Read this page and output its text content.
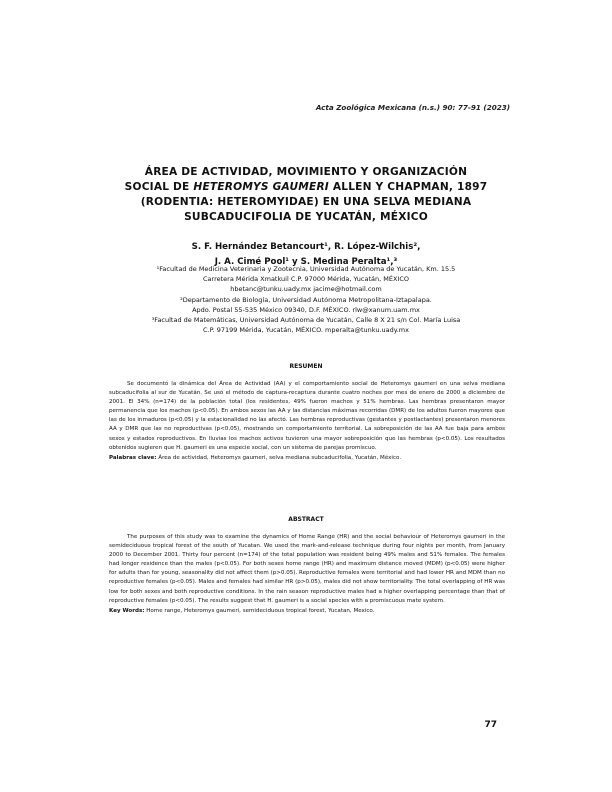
Acta Zoológica Mexicana (n.s.) 90: 77-91 (2023)
ÁREA DE ACTIVIDAD, MOVIMIENTO Y ORGANIZACIÓN
SOCIAL DE HETEROMYS GAUMERI ALLEN Y CHAPMAN, 1897
(RODENTIA: HETEROMYIDAE) EN UNA SELVA MEDIANA
SUBCADUCIFOLIA DE YUCATÁN, MÉXICO
S. F. Hernández Betancourt¹, R. López-Wilchis²,
J. A. Cimé Pool¹ y S. Medina Peralta¹,³
¹Facultad de Medicina Veterinaria y Zootecnia, Universidad Autónoma de Yucatán, Km. 15.5
Carretera Mérida Xmatkuil C.P. 97000 Mérida, Yucatán, MÉXICO
hbetanc@tunku.uady.mx jacime@hotmail.com
²Departamento de Biología, Universidad Autónoma Metropolitana-Iztapalapa.
Apdo. Postal 55-535 México 09340, D.F. MÉXICO. rlw@xanum.uam.mx
³Facultad de Matemáticas, Universidad Autónoma de Yucatán, Calle 8 X 21 s/n Col. María Luisa
C.P. 97199 Mérida, Yucatán, MÉXICO. mperalta@tunku.uady.mx
RESUMEN

Se documentó la dinámica del Área de Actividad (AA) y el comportamiento social de Heteromys gaumeri en una selva mediana subcaducifolia al sur de Yucatán. Se usó el método de captura-recaptura durante cuatro noches por mes de enero de 2000 a diciembre de 2001. El 34% (n=174) de la población total (los residentes, 49% fueron machos y 51% hembras. Las hembras presentaron mayor permanencia que los machos (p<0.05). En ambos sexos las AA y las distancias máximas recorridas (DMR) de los adultos fueron mayores que las de los inmaduros (p<0.05) y la estacionalidad no las afectó. Las hembras reproductivas (gestantes y postlactantes) presentaron menores AA y DMR que las no reproductivas (p<0.05), mostrando un comportamiento territorial. La sobreposición de las AA fue baja para ambos sexos y estados reproductivos. En lluvias los machos activos tuvieron una mayor sobreposición que las hembras (p<0.05). Los resultados obtenidos sugieren que H. gaumeri es una especie social, con un sistema de parejas promiscuo.

Palabras clave: Área de actividad, Heteromys gaumeri, selva mediana subcaducifolia, Yucatán, México.

ABSTRACT

The purposes of this study was to examine the dynamics of Home Range (HR) and the social behaviour of Heteromys gaumeri in the semideciduous tropical forest of the south of Yucatan. We used the mark-and-release technique during four nights per month, from January 2000 to December 2001. Thirty four percent (n=174) of the total population was resident being 49% males and 51% females. The females had longer residence than the males (p<0.05). For both sexes home range (HR) and maximum distance moved (MDM) (p<0.05) were higher for adults than for young, seasonality did not affect them (p>0.05). Reproductive females were territorial and had lower HR and MDM than no reproductive females (p<0.05). Males and females had similar HR (p>0.05), males did not show territoriality. The total overlapping of HR was low for both sexes and both reproductive conditions. In the rain season reproductive males had a higher overlapping percentage than that of reproductive females (p<0.05). The results suggest that H. gaumeri is a social species with a promiscuous mate system.

Key Words: Home range, Heteromys gaumeri, semideciduous tropical forest, Yucatan, Mexico.

77
